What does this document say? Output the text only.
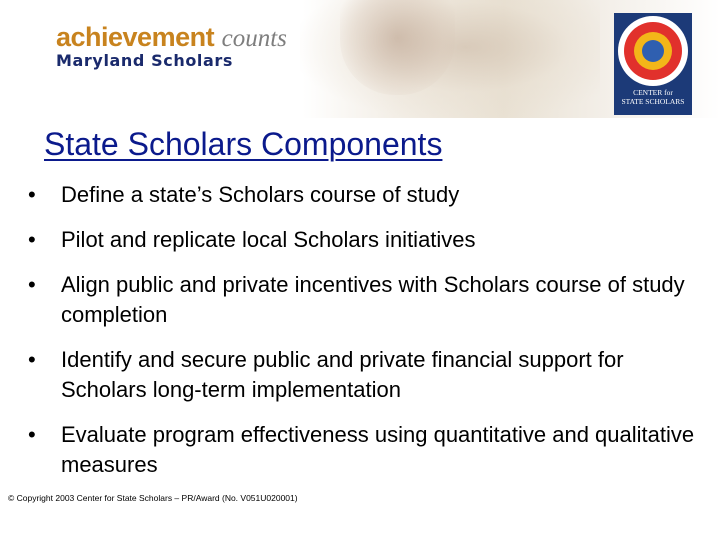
achievement counts
Maryland Scholars
CENTER for
STATE SCHOLARS
State Scholars Components
• Define a state’s Scholars course of study
• Pilot and replicate local Scholars initiatives
• Align public and private incentives with Scholars course of study completion
• Identify and secure public and private financial support for Scholars long-term implementation
• Evaluate program effectiveness using quantitative and qualitative measures
© Copyright 2003 Center for State Scholars – PR/Award (No. V051U020001)
